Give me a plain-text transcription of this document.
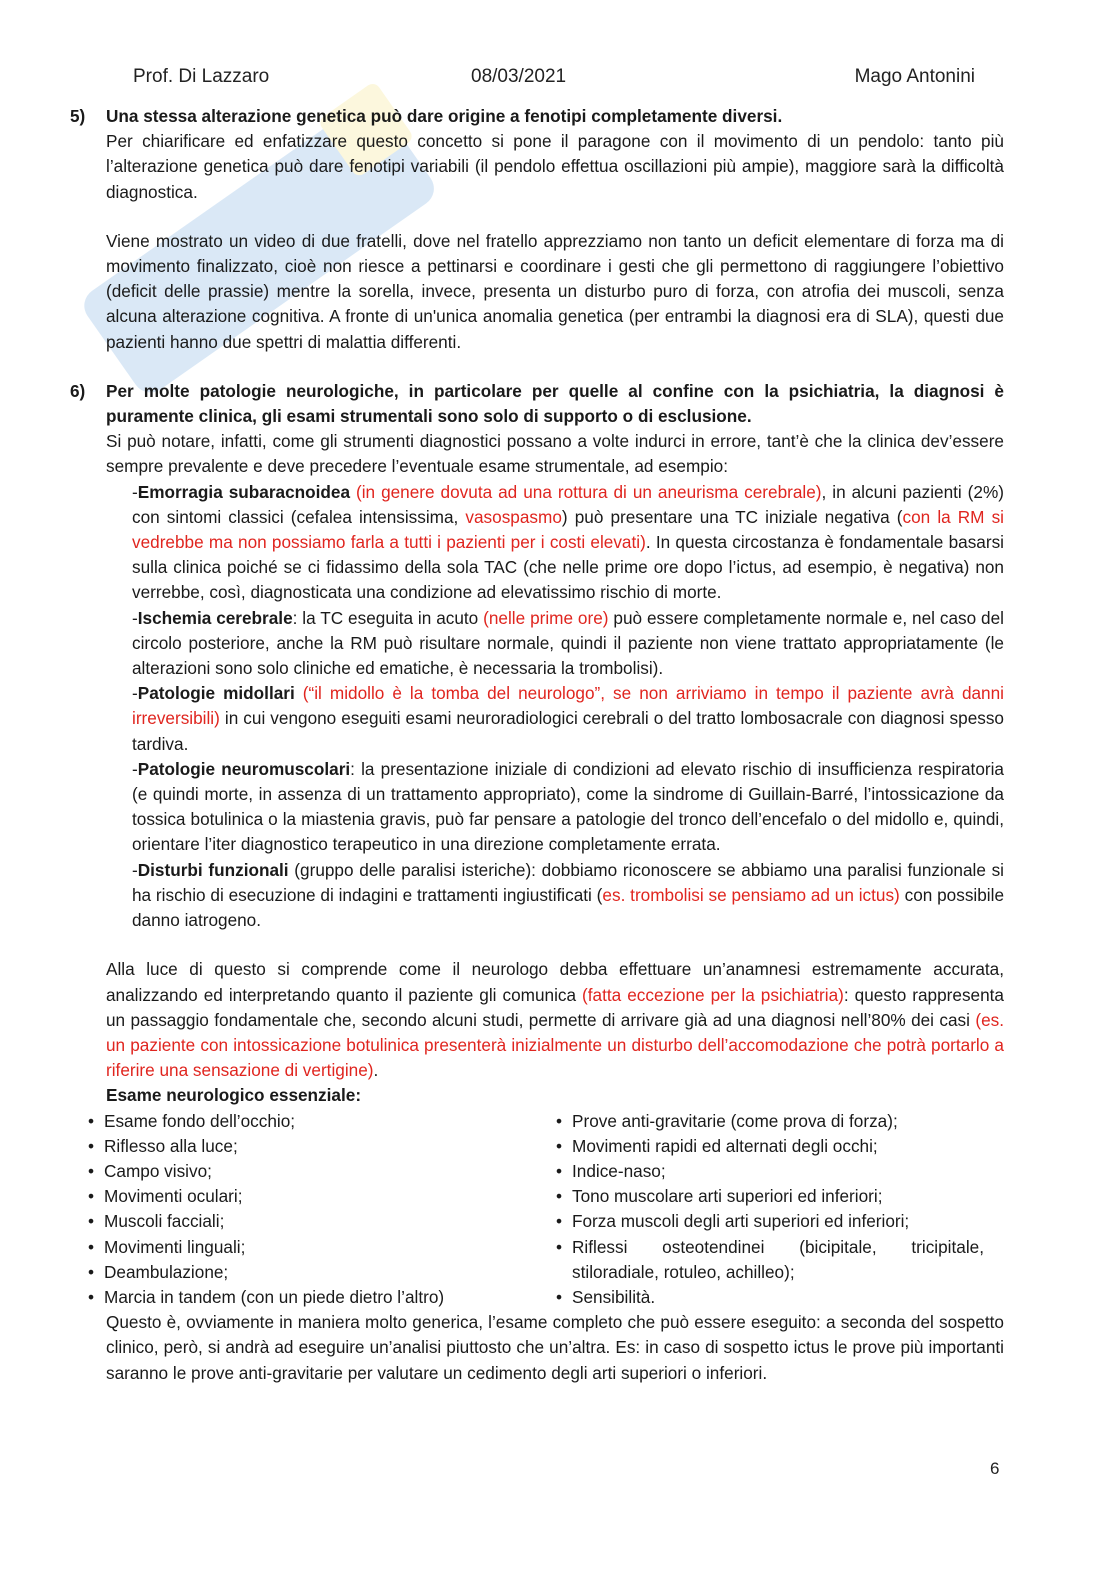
Prof. Di Lazzaro	08/03/2021	Mago Antonini
5) Una stessa alterazione genetica può dare origine a fenotipi completamente diversi.

Per chiarificare ed enfatizzare questo concetto si pone il paragone con il movimento di un pendolo: tanto più l’alterazione genetica può dare fenotipi variabili (il pendolo effettua oscillazioni più ampie), maggiore sarà la difficoltà diagnostica.

Viene mostrato un video di due fratelli, dove nel fratello apprezziamo non tanto un deficit elementare di forza ma di movimento finalizzato, cioè non riesce a pettinarsi e coordinare i gesti che gli permettono di raggiungere l’obiettivo (deficit delle prassie) mentre la sorella, invece, presenta un disturbo puro di forza, con atrofia dei muscoli, senza alcuna alterazione cognitiva. A fronte di un'unica anomalia genetica (per entrambi la diagnosi era di SLA), questi due pazienti hanno due spettri di malattia differenti.

6) Per molte patologie neurologiche, in particolare per quelle al confine con la psichiatria, la diagnosi è puramente clinica, gli esami strumentali sono solo di supporto o di esclusione.

Si può notare, infatti, come gli strumenti diagnostici possano a volte indurci in errore, tant’è che la clinica dev’essere sempre prevalente e deve precedere l’eventuale esame strumentale, ad esempio:

-Emorragia subaracnoidea (in genere dovuta ad una rottura di un aneurisma cerebrale), in alcuni pazienti (2%) con sintomi classici (cefalea intensissima, vasospasmo) può presentare una TC iniziale negativa (con la RM si vedrebbe ma non possiamo farla a tutti i pazienti per i costi elevati). In questa circostanza è fondamentale basarsi sulla clinica poiché se ci fidassimo della sola TAC (che nelle prime ore dopo l’ictus, ad esempio, è negativa) non verrebbe, così, diagnosticata una condizione ad elevatissimo rischio di morte.

-Ischemia cerebrale: la TC eseguita in acuto (nelle prime ore) può essere completamente normale e, nel caso del circolo posteriore, anche la RM può risultare normale, quindi il paziente non viene trattato appropriatamente (le alterazioni sono solo cliniche ed ematiche, è necessaria la trombolisi).

-Patologie midollari (“il midollo è la tomba del neurologo”, se non arriviamo in tempo il paziente avrà danni irreversibili) in cui vengono eseguiti esami neuroradiologici cerebrali o del tratto lombosacrale con diagnosi spesso tardiva.

-Patologie neuromuscolari: la presentazione iniziale di condizioni ad elevato rischio di insufficienza respiratoria (e quindi morte, in assenza di un trattamento appropriato), come la sindrome di Guillain-Barré, l’intossicazione da tossica botulinica o la miastenia gravis, può far pensare a patologie del tronco dell’encefalo o del midollo e, quindi, orientare l’iter diagnostico terapeutico in una direzione completamente errata.

-Disturbi funzionali (gruppo delle paralisi isteriche): dobbiamo riconoscere se abbiamo una paralisi funzionale si ha rischio di esecuzione di indagini e trattamenti ingiustificati (es. trombolisi se pensiamo ad un ictus) con possibile danno iatrogeno.

Alla luce di questo si comprende come il neurologo debba effettuare un’anamnesi estremamente accurata, analizzando ed interpretando quanto il paziente gli comunica (fatta eccezione per la psichiatria): questo rappresenta un passaggio fondamentale che, secondo alcuni studi, permette di arrivare già ad una diagnosi nell’80% dei casi (es. un paziente con intossicazione botulinica presenterà inizialmente un disturbo dell’accomodazione che potrà portarlo a riferire una sensazione di vertigine).

Esame neurologico essenziale:

• Esame fondo dell’occhio;
• Riflesso alla luce;
• Campo visivo;
• Movimenti oculari;
• Muscoli facciali;
• Movimenti linguali;
• Deambulazione;
• Marcia in tandem (con un piede dietro l’altro)
• Prove anti-gravitarie (come prova di forza);
• Movimenti rapidi ed alternati degli occhi;
• Indice-naso;
• Tono muscolare arti superiori ed inferiori;
• Forza muscoli degli arti superiori ed inferiori;
• Riflessi osteotendinei (bicipitale, tricipitale, stiloradiale, rotuleo, achilleo);
• Sensibilità.

Questo è, ovviamente in maniera molto generica, l’esame completo che può essere eseguito: a seconda del sospetto clinico, però, si andrà ad eseguire un’analisi piuttosto che un’altra. Es: in caso di sospetto ictus le prove più importanti saranno le prove anti-gravitarie per valutare un cedimento degli arti superiori o inferiori.

6
